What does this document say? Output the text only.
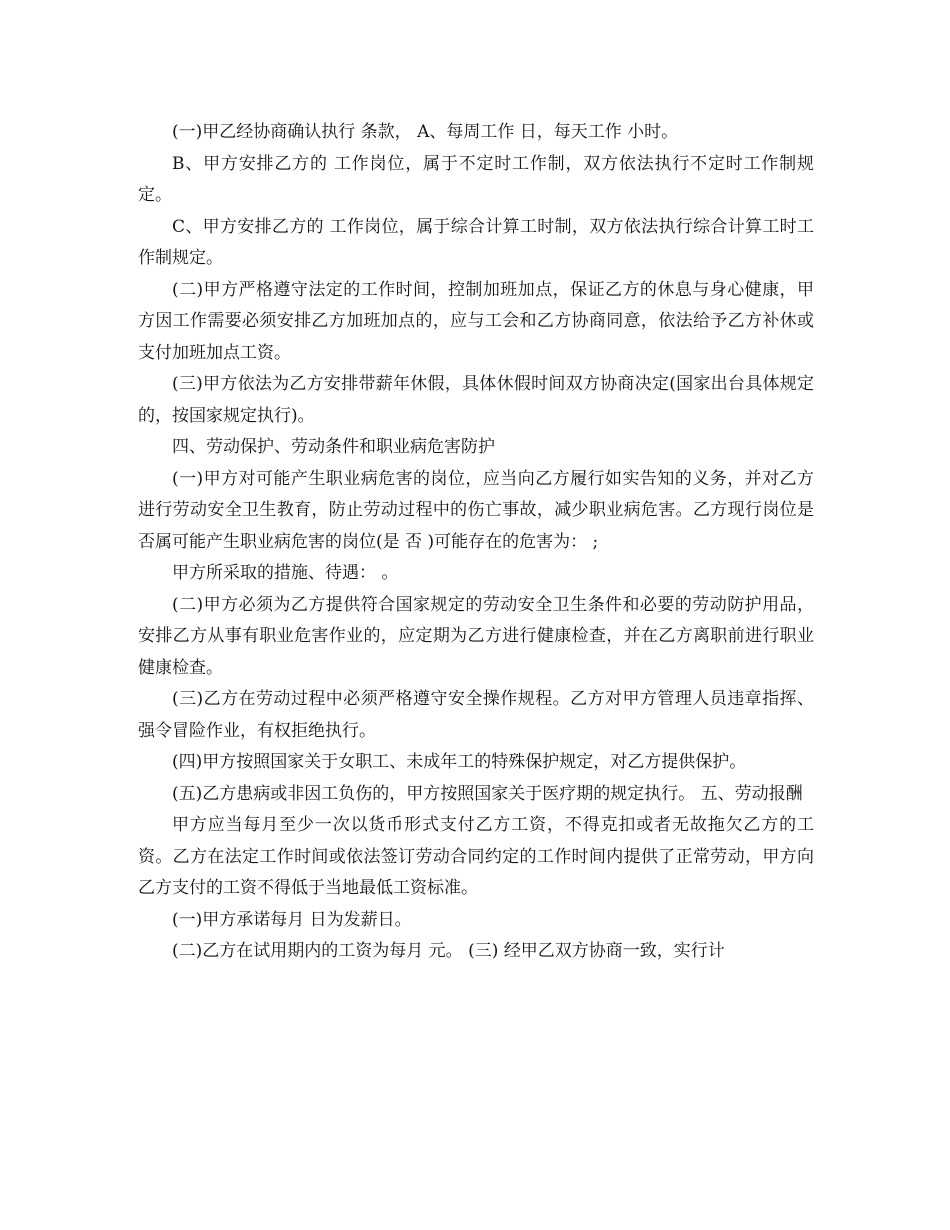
(一)甲乙经协商确认执行 条款， A、每周工作 日，每天工作 小时。

B、甲方安排乙方的 工作岗位，属于不定时工作制，双方依法执行不定时工作制规定。

C、甲方安排乙方的 工作岗位，属于综合计算工时制，双方依法执行综合计算工时工作制规定。

(二)甲方严格遵守法定的工作时间，控制加班加点，保证乙方的休息与身心健康，甲方因工作需要必须安排乙方加班加点的，应与工会和乙方协商同意，依法给予乙方补休或支付加班加点工资。

(三)甲方依法为乙方安排带薪年休假，具体休假时间双方协商决定(国家出台具体规定的，按国家规定执行)。

四、劳动保护、劳动条件和职业病危害防护

(一)甲方对可能产生职业病危害的岗位，应当向乙方履行如实告知的义务，并对乙方进行劳动安全卫生教育，防止劳动过程中的伤亡事故，减少职业病危害。乙方现行岗位是否属可能产生职业病危害的岗位(是 否 )可能存在的危害为： ;

甲方所采取的措施、待遇： 。

(二)甲方必须为乙方提供符合国家规定的劳动安全卫生条件和必要的劳动防护用品，安排乙方从事有职业危害作业的，应定期为乙方进行健康检查，并在乙方离职前进行职业健康检查。

(三)乙方在劳动过程中必须严格遵守安全操作规程。乙方对甲方管理人员违章指挥、强令冒险作业，有权拒绝执行。

(四)甲方按照国家关于女职工、未成年工的特殊保护规定，对乙方提供保护。

(五)乙方患病或非因工负伤的，甲方按照国家关于医疗期的规定执行。 五、劳动报酬

甲方应当每月至少一次以货币形式支付乙方工资，不得克扣或者无故拖欠乙方的工资。乙方在法定工作时间或依法签订劳动合同约定的工作时间内提供了正常劳动，甲方向乙方支付的工资不得低于当地最低工资标准。

(一)甲方承诺每月 日为发薪日。

(二)乙方在试用期内的工资为每月 元。 (三) 经甲乙双方协商一致，实行计
